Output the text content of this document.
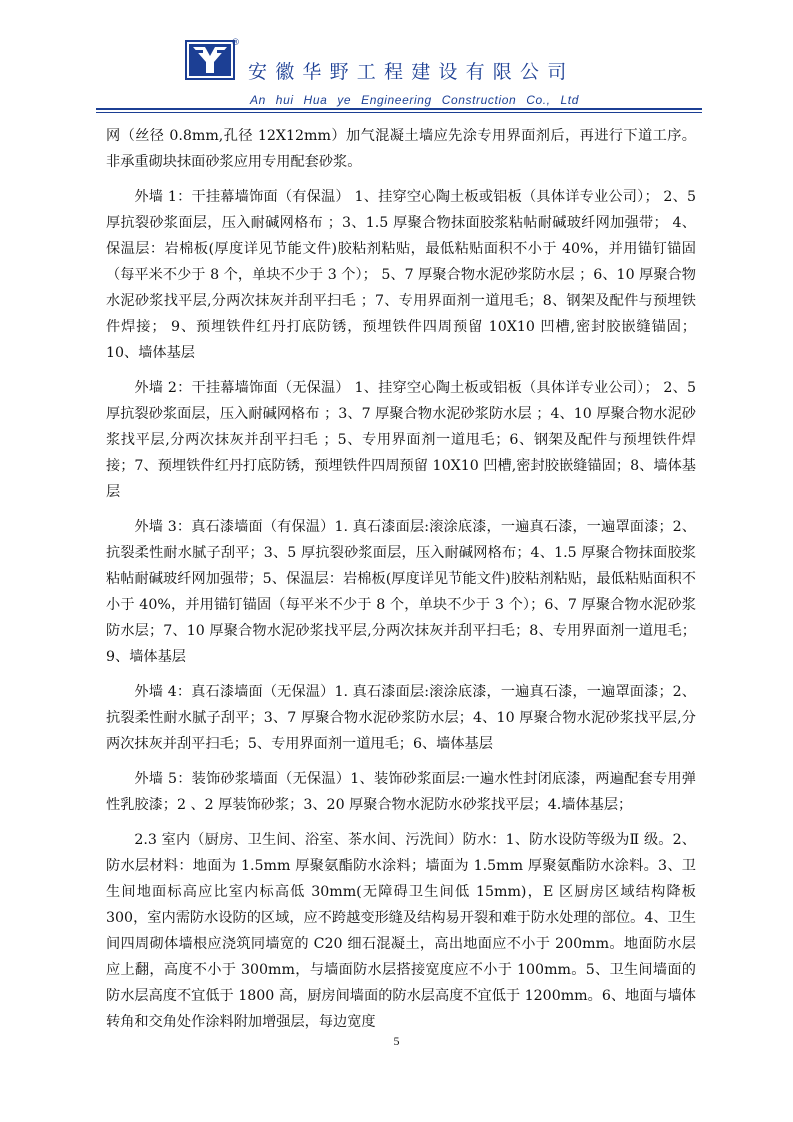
®
安徽华野工程建设有限公司
An hui Hua ye Engineering Construction Co., Ltd

网（丝径 0.8mm,孔径 12X12mm）加气混凝土墙应先涂专用界面剂后，再进行下道工序。非承重砌块抹面砂浆应用专用配套砂浆。

外墙 1：干挂幕墙饰面（有保温） 1、挂穿空心陶土板或铝板（具体详专业公司）； 2、5厚抗裂砂浆面层，压入耐碱网格布 ；3、1.5 厚聚合物抹面胶浆粘帖耐碱玻纤网加强带； 4、保温层：岩棉板(厚度详见节能文件)胶粘剂粘贴，最低粘贴面积不小于 40%，并用锚钉锚固（每平米不少于 8 个，单块不少于 3 个）； 5、7 厚聚合物水泥砂浆防水层 ；6、10 厚聚合物水泥砂浆找平层,分两次抹灰并刮平扫毛 ；7、专用界面剂一道甩毛；8、钢架及配件与预埋铁件焊接； 9、预埋铁件红丹打底防锈，预埋铁件四周预留 10X10 凹槽,密封胶嵌缝锚固； 10、墙体基层

外墙 2：干挂幕墙饰面（无保温） 1、挂穿空心陶土板或铝板（具体详专业公司）； 2、5厚抗裂砂浆面层，压入耐碱网格布 ；3、7 厚聚合物水泥砂浆防水层 ；4、10 厚聚合物水泥砂浆找平层,分两次抹灰并刮平扫毛 ；5、专用界面剂一道甩毛；6、钢架及配件与预埋铁件焊接；7、预埋铁件红丹打底防锈，预埋铁件四周预留 10X10 凹槽,密封胶嵌缝锚固；8、墙体基层

外墙 3：真石漆墙面（有保温）1. 真石漆面层:滚涂底漆，一遍真石漆，一遍罩面漆；2、抗裂柔性耐水腻子刮平；3、5 厚抗裂砂浆面层，压入耐碱网格布；4、1.5 厚聚合物抹面胶浆粘帖耐碱玻纤网加强带；5、保温层：岩棉板(厚度详见节能文件)胶粘剂粘贴，最低粘贴面积不小于 40%，并用锚钉锚固（每平米不少于 8 个，单块不少于 3 个）；6、7 厚聚合物水泥砂浆防水层；7、10 厚聚合物水泥砂浆找平层,分两次抹灰并刮平扫毛；8、专用界面剂一道甩毛；9、墙体基层

外墙 4：真石漆墙面（无保温）1. 真石漆面层:滚涂底漆，一遍真石漆，一遍罩面漆；2、抗裂柔性耐水腻子刮平；3、7 厚聚合物水泥砂浆防水层；4、10 厚聚合物水泥砂浆找平层,分两次抹灰并刮平扫毛；5、专用界面剂一道甩毛；6、墙体基层

外墙 5：装饰砂浆墙面（无保温）1、装饰砂浆面层:一遍水性封闭底漆，两遍配套专用弹性乳胶漆；2 、2 厚装饰砂浆；3、20 厚聚合物水泥防水砂浆找平层；4.墙体基层；

2.3 室内（厨房、卫生间、浴室、茶水间、污洗间）防水：1、防水设防等级为Ⅱ 级。2、防水层材料：地面为 1.5mm 厚聚氨酯防水涂料；墙面为 1.5mm 厚聚氨酯防水涂料。3、卫生间地面标高应比室内标高低 30mm(无障碍卫生间低 15mm)，E 区厨房区域结构降板 300，室内需防水设防的区域，应不跨越变形缝及结构易开裂和难于防水处理的部位。4、卫生间四周砌体墙根应浇筑同墙宽的 C20 细石混凝土，高出地面应不小于 200mm。地面防水层应上翻，高度不小于 300mm，与墙面防水层搭接宽度应不小于 100mm。5、卫生间墙面的防水层高度不宜低于 1800 高，厨房间墙面的防水层高度不宜低于 1200mm。6、地面与墙体转角和交角处作涂料附加增强层，每边宽度

5
